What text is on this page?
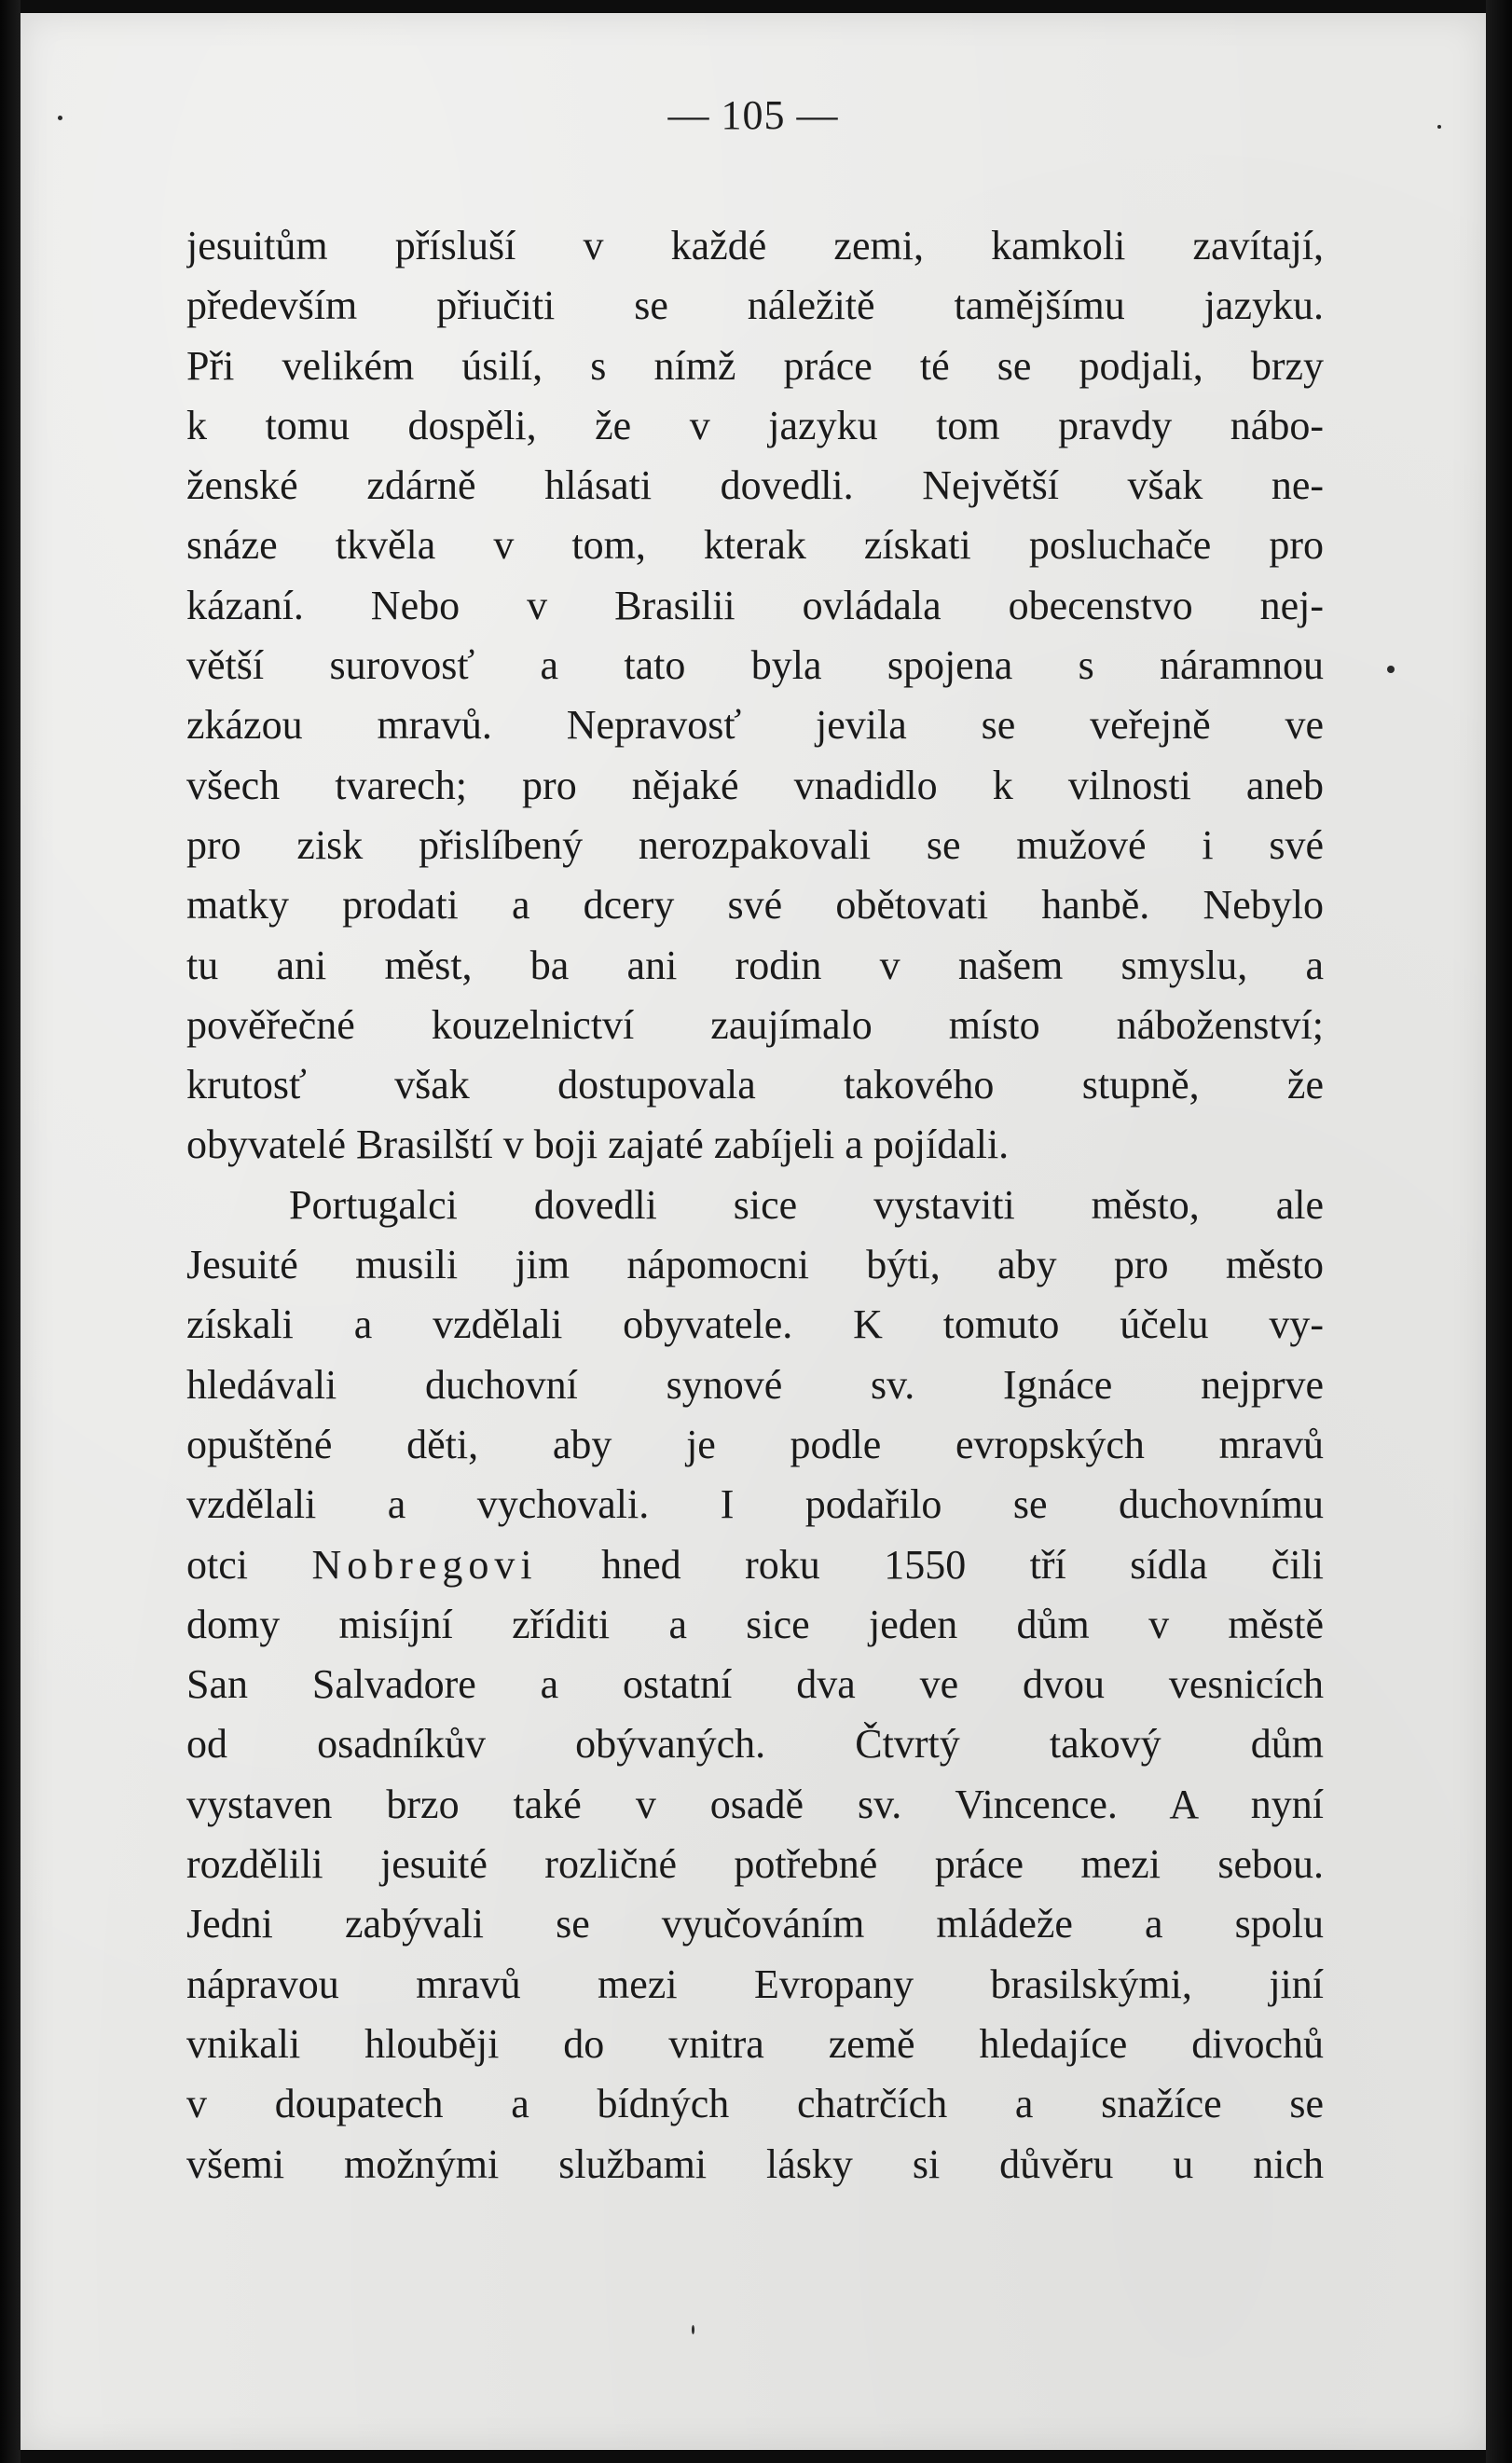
— 105 —
jesuitům přísluší v každé zemi, kamkoli zavítají,
především přiučiti se náležitě tamějšímu jazyku.
Při velikém úsilí, s nímž práce té se podjali, brzy
k tomu dospěli, že v jazyku tom pravdy nábo-
ženské zdárně hlásati dovedli. Největší však ne-
snáze tkvěla v tom, kterak získati posluchače pro
kázaní. Nebo v Brasilii ovládala obecenstvo nej-
větší surovosť a tato byla spojena s náramnou
zkázou mravů. Nepravosť jevila se veřejně ve
všech tvarech; pro nějaké vnadidlo k vilnosti aneb
pro zisk přislíbený nerozpakovali se mužové i své
matky prodati a dcery své obětovati hanbě. Nebylo
tu ani měst, ba ani rodin v našem smyslu, a
pověřečné kouzelnictví zaujímalo místo náboženství;
krutosť však dostupovala takového stupně, že
obyvatelé Brasilští v boji zajaté zabíjeli a pojídali.
Portugalci dovedli sice vystaviti město, ale
Jesuité musili jim nápomocni býti, aby pro město
získali a vzdělali obyvatele. K tomuto účelu vy-
hledávali duchovní synové sv. Ignáce nejprve
opuštěné děti, aby je podle evropských mravů
vzdělali a vychovali. I podařilo se duchovnímu
otci Nobregovi hned roku 1550 tří sídla čili
domy misíjní zříditi a sice jeden dům v městě
San Salvadore a ostatní dva ve dvou vesnicích
od osadníkův obývaných. Čtvrtý takový dům
vystaven brzo také v osadě sv. Vincence. A nyní
rozdělili jesuité rozličné potřebné práce mezi sebou.
Jedni zabývali se vyučováním mládeže a spolu
nápravou mravů mezi Evropany brasilskými, jiní
vnikali hlouběji do vnitra země hledajíce divochů
v doupatech a bídných chatrčích a snažíce se
všemi možnými službami lásky si důvěru u nich
